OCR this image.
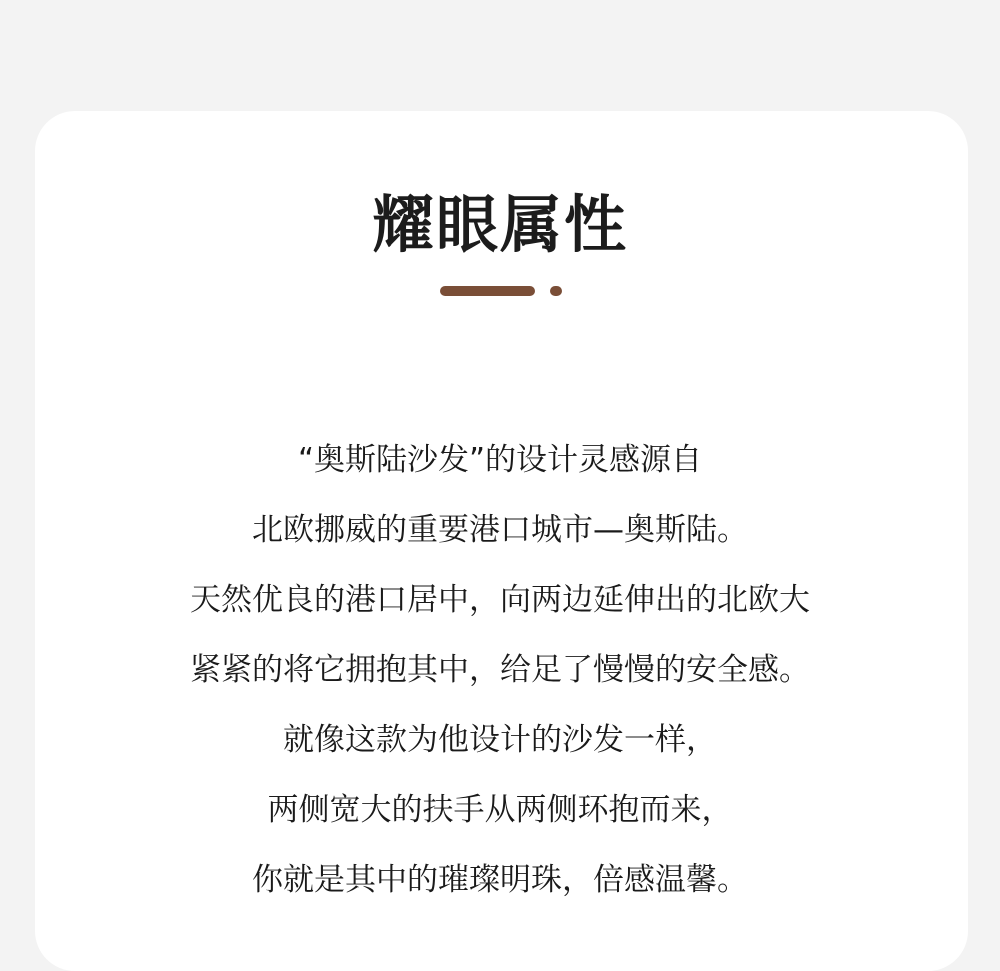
耀眼属性
“奥斯陆沙发”的设计灵感源自
北欧挪威的重要港口城市—奥斯陆。
天然优良的港口居中，向两边延伸出的北欧大
紧紧的将它拥抱其中，给足了慢慢的安全感。
就像这款为他设计的沙发一样，
两侧宽大的扶手从两侧环抱而来，
你就是其中的璀璨明珠，倍感温馨。
